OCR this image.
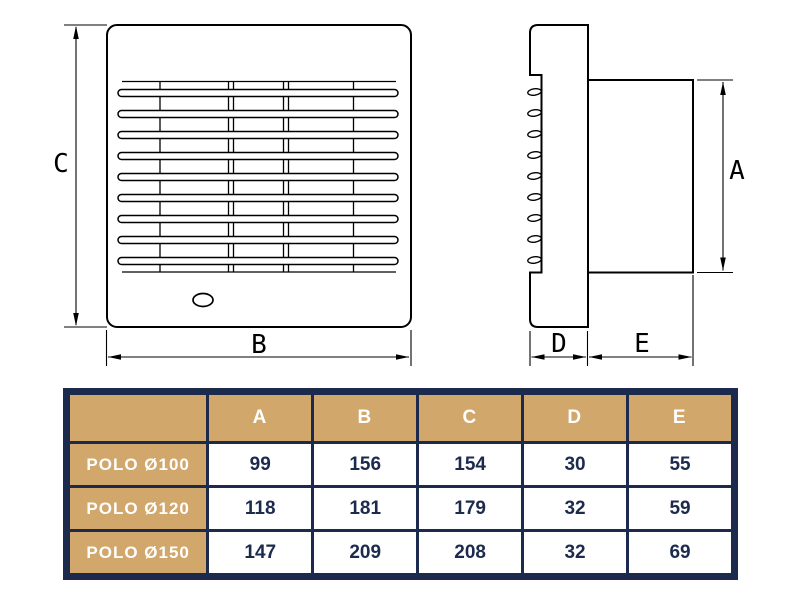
C
B
A
D	E
	A	B	C	D	E
POLO Ø100	99	156	154	30	55
POLO Ø120	118	181	179	32	59
POLO Ø150	147	209	208	32	69
